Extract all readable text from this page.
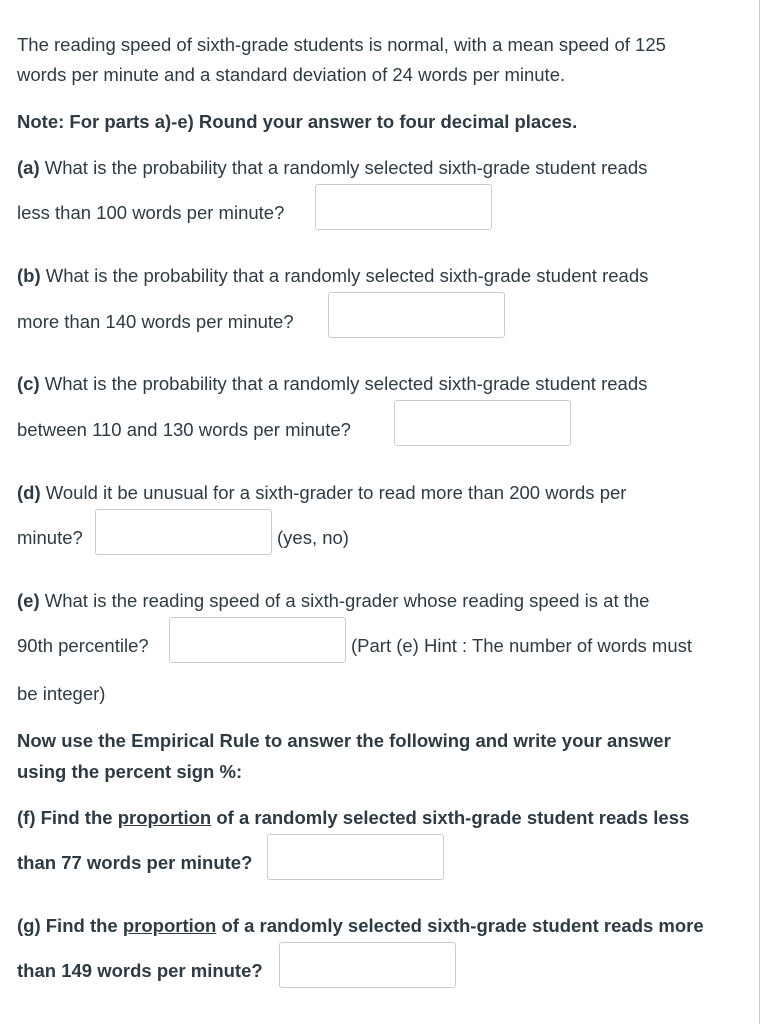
The reading speed of sixth-grade students is normal, with a mean speed of 125
words per minute and a standard deviation of 24 words per minute.
Note: For parts a)-e) Round your answer to four decimal places.
(a) What is the probability that a randomly selected sixth-grade student reads
less than 100 words per minute?
(b) What is the probability that a randomly selected sixth-grade student reads
more than 140 words per minute?
(c) What is the probability that a randomly selected sixth-grade student reads
between 110 and 130 words per minute?
(d) Would it be unusual for a sixth-grader to read more than 200 words per
minute?	(yes, no)
(e) What is the reading speed of a sixth-grader whose reading speed is at the
90th percentile?	(Part (e) Hint : The number of words must
be integer)
Now use the Empirical Rule to answer the following and write your answer
using the percent sign %:
(f) Find the proportion of a randomly selected sixth-grade student reads less
than 77 words per minute?
(g) Find the proportion of a randomly selected sixth-grade student reads more
than 149 words per minute?
